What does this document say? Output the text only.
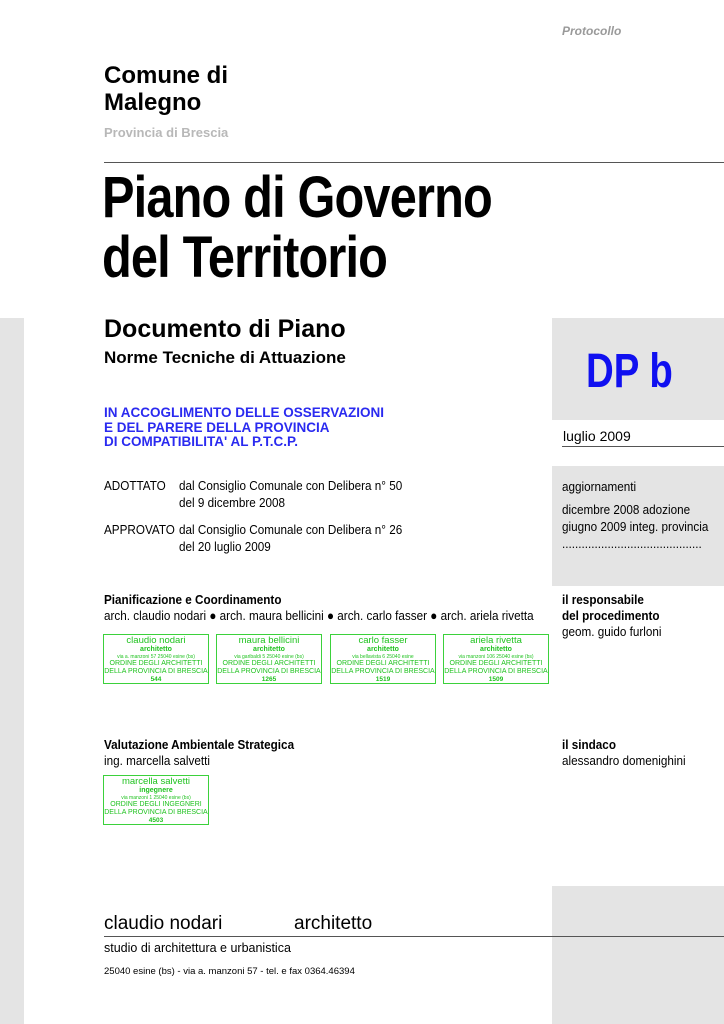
Protocollo
Comune di
Malegno
Provincia di Brescia
Piano di Governo
del Territorio
Documento di Piano
Norme Tecniche di Attuazione	DP b
IN ACCOGLIMENTO DELLE OSSERVAZIONI
E DEL PARERE DELLA PROVINCIA
DI COMPATIBILITA' AL P.T.C.P.	luglio 2009
ADOTTATO dal Consiglio Comunale con Delibera n° 50
del 9 dicembre 2008
APPROVATO dal Consiglio Comunale con Delibera n° 26
del 20 luglio 2009
aggiornamenti
dicembre 2008 adozione
giugno 2009 integ. provincia
...........................................
Pianificazione e Coordinamento
arch. claudio nodari ● arch. maura bellicini ● arch. carlo fasser ● arch. ariela rivetta
il responsabile
del procedimento
geom. guido furloni
claudio nodari
architetto
via a. manzoni 57 25040 esine (bs)
ORDINE DEGLI ARCHITETTI
DELLA PROVINCIA DI BRESCIA
544
maura bellicini
architetto
via garibaldi 5 25040 esine (bs)
ORDINE DEGLI ARCHITETTI
DELLA PROVINCIA DI BRESCIA
1265
carlo fasser
architetto
via bellavista 6 25040 esine
ORDINE DEGLI ARCHITETTI
DELLA PROVINCIA DI BRESCIA
1519
ariela rivetta
architetto
via manzoni 106 25040 esine (bs)
ORDINE DEGLI ARCHITETTI
DELLA PROVINCIA DI BRESCIA
1509
Valutazione Ambientale Strategica
ing. marcella salvetti
il sindaco
alessandro domenighini
marcella salvetti
ingegnere
via manzoni 1 25040 esine (bs)
ORDINE DEGLI INGEGNERI
DELLA PROVINCIA DI BRESCIA
4503
claudio nodari	architetto
studio di architettura e urbanistica
25040 esine (bs) - via a. manzoni 57 - tel. e fax 0364.46394
